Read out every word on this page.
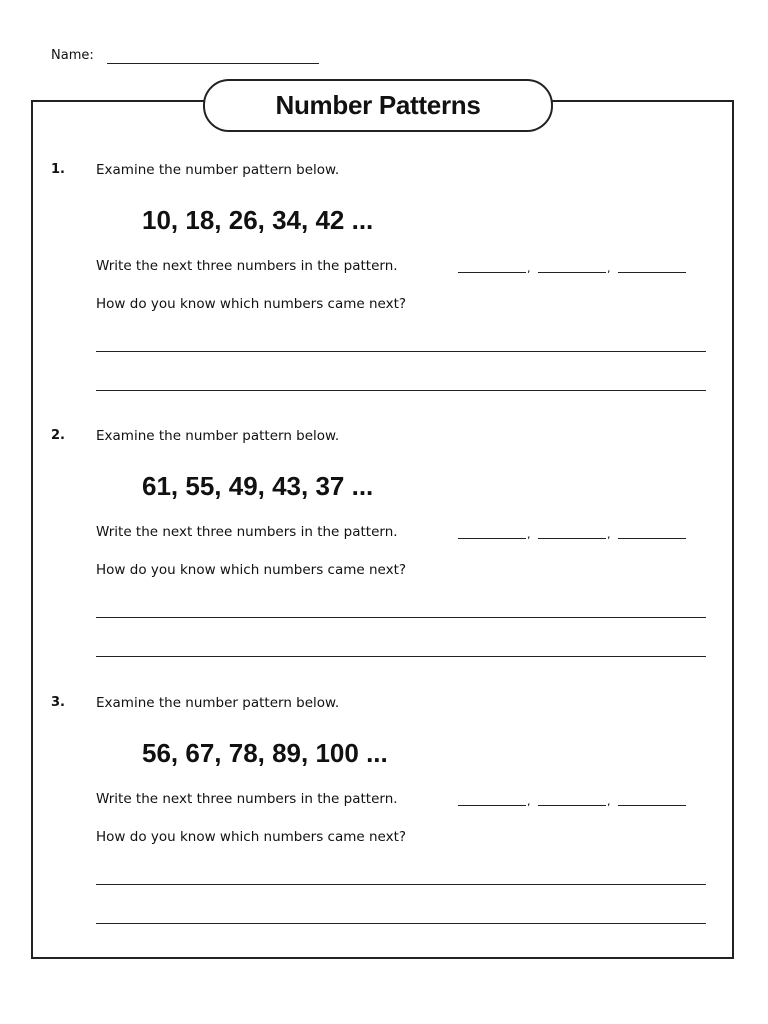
Name:
Number Patterns
1. Examine the number pattern below.
10, 18, 26, 34, 42 ...
Write the next three numbers in the pattern.	,	,
How do you know which numbers came next?
2. Examine the number pattern below.
61, 55, 49, 43, 37 ...
Write the next three numbers in the pattern.	,	,
How do you know which numbers came next?
3. Examine the number pattern below.
56, 67, 78, 89, 100 ...
Write the next three numbers in the pattern.	,	,
How do you know which numbers came next?
